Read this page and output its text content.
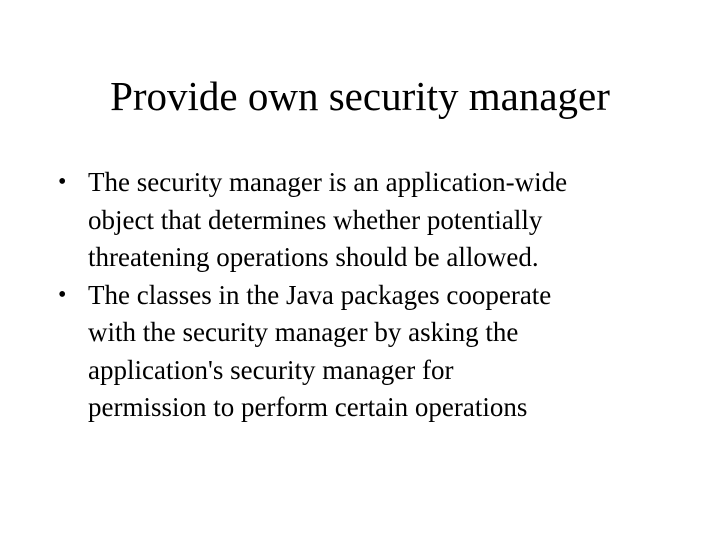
Provide own security manager
• The security manager is an application-wide
object that determines whether potentially
threatening operations should be allowed.
• The classes in the Java packages cooperate
with the security manager by asking the
application's security manager for
permission to perform certain operations
